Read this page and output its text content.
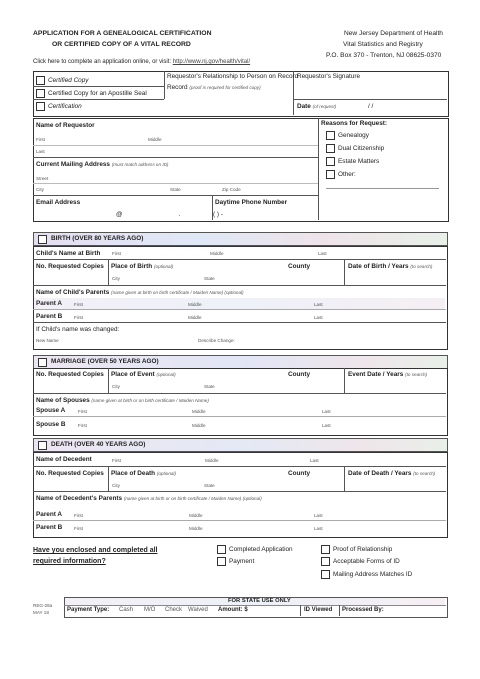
APPLICATION FOR A GENEALOGICAL CERTIFICATION
OR CERTIFIED COPY OF A VITAL RECORD
Click here to complete an application online, or visit: http://www.nj.gov/health/vital/
New Jersey Department of Health
Vital Statistics and Registry
P.O. Box 370 - Trenton, NJ 08625-0370
Certified Copy
Certified Copy for an Apostille Seal
Certification
Requestor's Relationship to Person on Record
Record (proof is required for certified copy)
Requestor's Signature
Date (of request)	/ /
Name of Requestor
First	Middle
Last
Current Mailing Address (must match address on ID)
Street
City	State	Zip Code
Email Address
@	.
Daytime Phone Number
( ) -
Reasons for Request:
Genealogy
Dual Citizenship
Estate Matters
Other:
BIRTH (OVER 80 YEARS AGO)
Child's Name at Birth	First	Middle	Last
No. Requested Copies Place of Birth (optional)	County	Date of Birth / Years (to search)
City	State
Name of Child's Parents (name given at birth on birth certificate / Maiden Name) (optional)
Parent A	First	Middle	Last
Parent B	First	Middle	Last
If Child's name was changed:
New Name	Describe Change:
MARRIAGE (OVER 50 YEARS AGO)
No. Requested Copies Place of Event (optional)	County	Event Date / Years (to search)
City	State
Name of Spouses (name given at birth or on birth certificate / Maiden Name)
Spouse A	First	Middle	Last
Spouse B	First	Middle	Last
DEATH (OVER 40 YEARS AGO)
Name of Decedent	First	Middle	Last
No. Requested Copies Place of Death (optional)	County	Date of Death / Years (to search)
City	State
Name of Decedent's Parents (name given at birth or on birth certificate / Maiden Name) (optional)
Parent A	First	Middle	Last
Parent B	First	Middle	Last
Have you enclosed and completed all
required information?
Completed Application
Payment
Proof of Relationship
Acceptable Forms of ID
Mailing Address Matches ID
REG-29a
MAY 18
FOR STATE USE ONLY
Payment Type: Cash M/O Check Waived Amount: $	ID Viewed Processed By:
